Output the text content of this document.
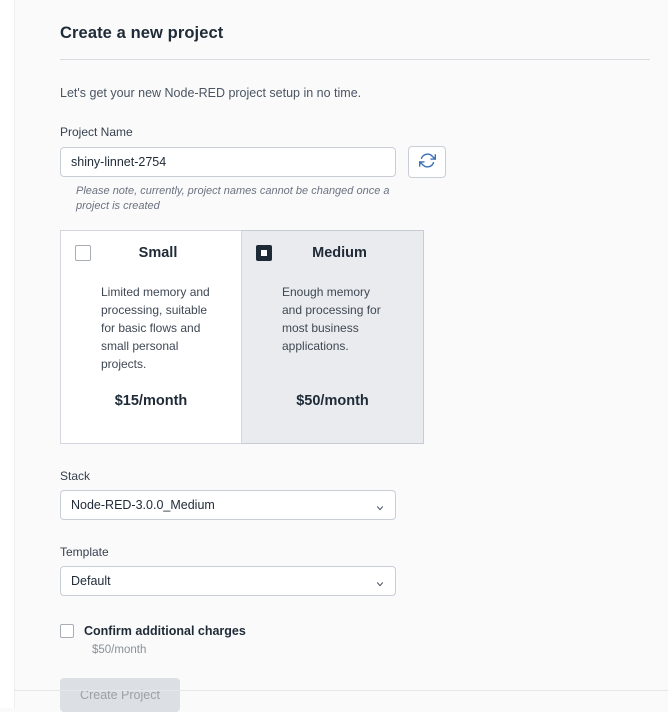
Create a new project
Let's get your new Node-RED project setup in no time.
Project Name
shiny-linnet-2754
Please note, currently, project names cannot be changed once a project is created
Small
Limited memory and processing, suitable for basic flows and small personal projects.
$15/month
Medium
Enough memory and processing for most business applications.
$50/month
Stack
Node-RED-3.0.0_Medium
Template
Default
Confirm additional charges
$50/month
Create Project
